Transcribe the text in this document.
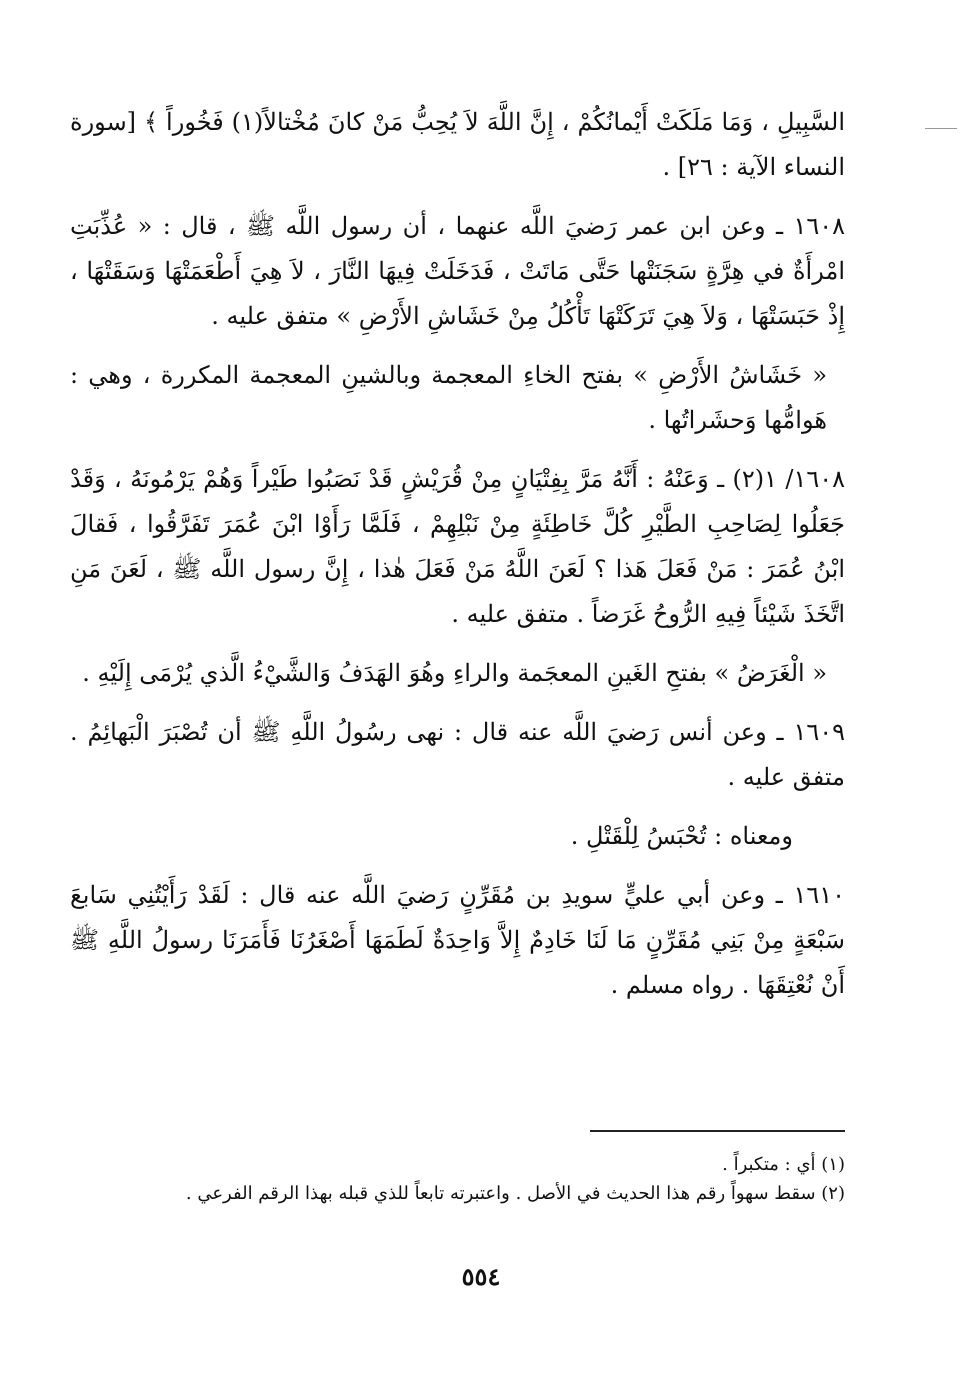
السَّبِيلِ ، وَمَا مَلَكَتْ أَيْمانُكُمْ ، إِنَّ اللَّهَ لاَ يُحِبُّ مَنْ كانَ مُخْتالاً(١) فَخُوراً ﴾ [سورة النساء الآية : ٢٦] .

١٦٠٨ ـ وعن ابن عمر رَضيَ اللَّه عنهما ، أن رسول اللَّه ﷺ ، قال : « عُذِّبَتِ امْرأَةٌ في هِرَّةٍ سَجَنَتْها حَتَّى مَاتَتْ ، فَدَخَلَتْ فِيهَا النَّارَ ، لاَ هِيَ أَطْعَمَتْهَا وَسَقَتْهَا ، إِذْ حَبَسَتْهَا ، وَلاَ هِيَ تَرَكَتْهَا تَأْكُلُ مِنْ خَشَاشِ الأَرْضِ » متفق عليه .

« خَشَاشُ الأَرْضِ » بفتح الخاءِ المعجمة وبالشينِ المعجمة المكررة ، وهي : هَوامُّها وَحشَراتُها .

١٦٠٨/ ١(٢) ـ وَعَنْهُ : أَنَّهُ مَرَّ بِفِتْيَانٍ مِنْ قُرَيْشٍ قَدْ نَصَبُوا طَيْراً وَهُمْ يَرْمُونَهُ ، وَقَدْ جَعَلُوا لِصَاحِبِ الطَّيْرِ كُلَّ خَاطِئَةٍ مِنْ نَبْلِهِمْ ، فَلَمَّا رَأَوْا ابْنَ عُمَرَ تَفَرَّقُوا ، فَقالَ ابْنُ عُمَرَ : مَنْ فَعَلَ هَذا ؟ لَعَنَ اللَّهُ مَنْ فَعَلَ هٰذا ، إِنَّ رسول اللَّه ﷺ ، لَعَنَ مَنِ اتَّخَذَ شَيْئاً فِيهِ الرُّوحُ غَرَضاً . متفق عليه .

« الْغَرَضُ » بفتحِ الغَينِ المعجَمة والراءِ وهُوَ الهَدَفُ وَالشَّيْءُ الَّذي يُرْمَى إِلَيْهِ .

١٦٠٩ ـ وعن أنس رَضيَ اللَّه عنه قال : نهى رسُولُ اللَّهِ ﷺ أن تُصْبَرَ الْبَهائِمُ . متفق عليه .

ومعناه : تُحْبَسُ لِلْقَتْلِ .

١٦١٠ ـ وعن أبي عليٍّ سويدِ بن مُقَرِّنٍ رَضيَ اللَّه عنه قال : لَقَدْ رَأَيْتُنِي سَابعَ سَبْعَةٍ مِنْ بَنِي مُقَرِّنٍ مَا لَنَا خَادِمٌ إِلاَّ وَاحِدَةٌ لَطَمَهَا أَصْغَرُنَا فَأَمَرَنَا رسولُ اللَّهِ ﷺ أَنْ نُعْتِقَهَا . رواه مسلم .

(١) أي : متكبراً .

(٢) سقط سهواً رقم هذا الحديث في الأصل . واعتبرته تابعاً للذي قبله بهذا الرقم الفرعي .

٥٥٤
